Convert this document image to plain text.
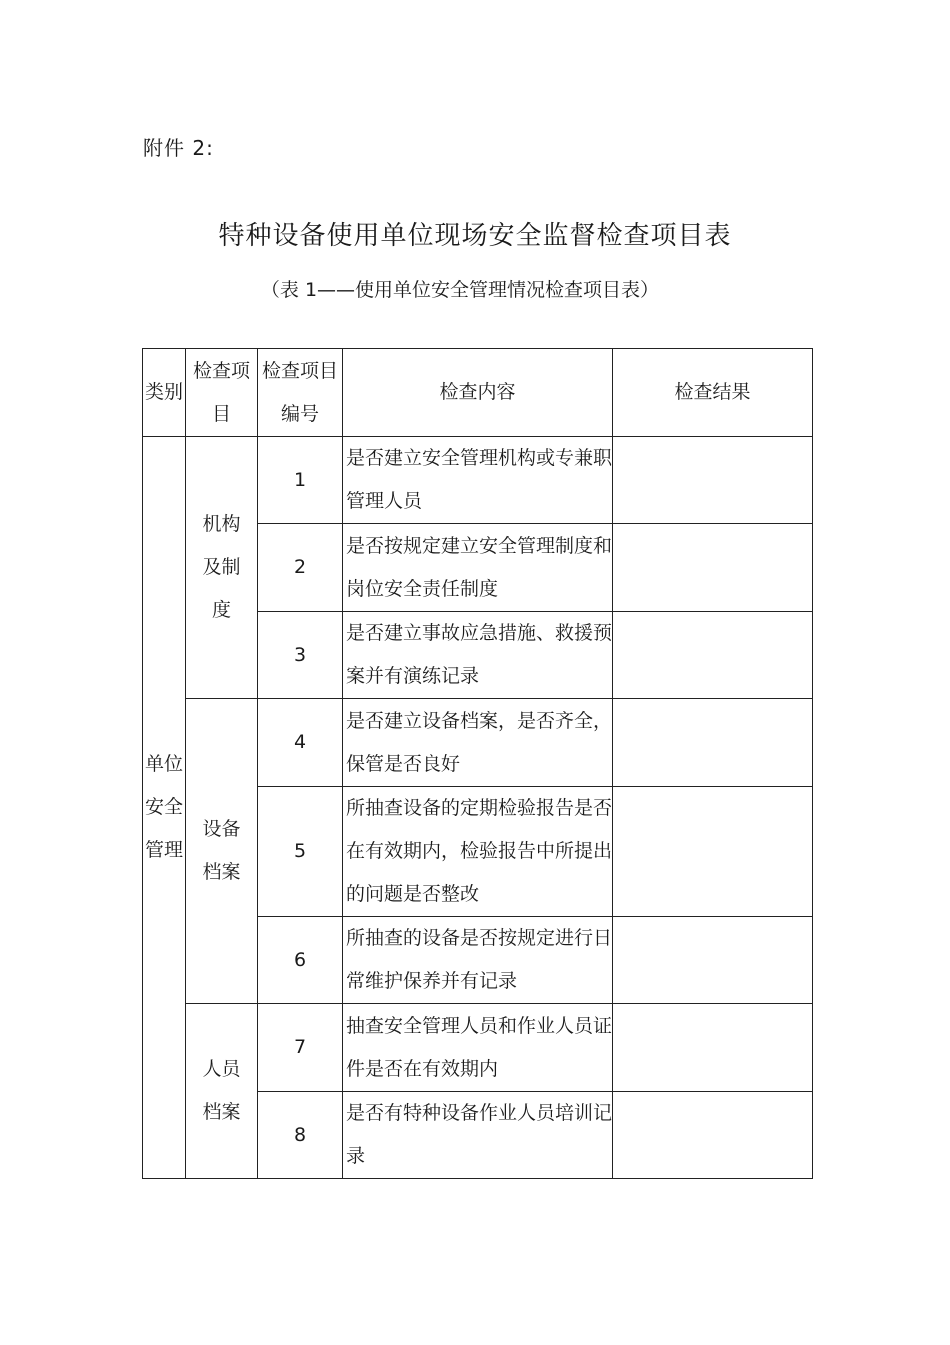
附件 2:
特种设备使用单位现场安全监督检查项目表
（表 1——使用单位安全管理情况检查项目表）
类别	检查项目	检查项目编号	检查内容	检查结果

单位安全管理	机构及制度	1	是否建立安全管理机构或专兼职管理人员	
		2	是否按规定建立安全管理制度和岗位安全责任制度	
		3	是否建立事故应急措施、救援预案并有演练记录	

	设备档案	4	是否建立设备档案，是否齐全，保管是否良好	
		5	所抽查设备的定期检验报告是否在有效期内，检验报告中所提出的问题是否整改	
		6	所抽查的设备是否按规定进行日常维护保养并有记录	

	人员档案	7	抽查安全管理人员和作业人员证件是否在有效期内	
		8	是否有特种设备作业人员培训记录	
